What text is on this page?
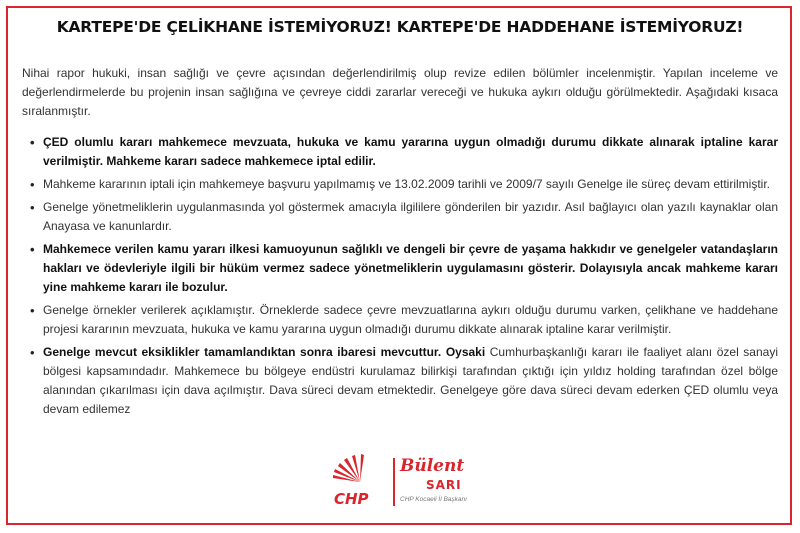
KARTEPE'DE ÇELİKHANE İSTEMİYORUZ! KARTEPE'DE HADDEHANE İSTEMİYORUZ!

Nihai rapor hukuki, insan sağlığı ve çevre açısından değerlendirilmiş olup revize edilen bölümler incelenmiştir. Yapılan inceleme ve değerlendirmelerde bu projenin insan sağlığına ve çevreye ciddi zararlar vereceği ve hukuka aykırı olduğu görülmektedir. Aşağıdaki kısaca sıralanmıştır.

• ÇED olumlu kararı mahkemece mevzuata, hukuka ve kamu yararına uygun olmadığı durumu dikkate alınarak iptaline karar verilmiştir. Mahkeme kararı sadece mahkemece iptal edilir.
• Mahkeme kararının iptali için mahkemeye başvuru yapılmamış ve 13.02.2009 tarihli ve 2009/7 sayılı Genelge ile süreç devam ettirilmiştir.
• Genelge yönetmeliklerin uygulanmasında yol göstermek amacıyla ilgililere gönderilen bir yazıdır. Asıl bağlayıcı olan yazılı kaynaklar olan Anayasa ve kanunlardır.
• Mahkemece verilen kamu yararı ilkesi kamuoyunun sağlıklı ve dengeli bir çevre de yaşama hakkıdır ve genelgeler vatandaşların hakları ve ödevleriyle ilgili bir hüküm vermez sadece yönetmeliklerin uygulamasını gösterir. Dolayısıyla ancak mahkeme kararı yine mahkeme kararı ile bozulur.
• Genelge örnekler verilerek açıklamıştır. Örneklerde sadece çevre mevzuatlarına aykırı olduğu durumu varken, çelikhane ve haddehane projesi kararının mevzuata, hukuka ve kamu yararına uygun olmadığı durumu dikkate alınarak iptaline karar verilmiştir.
• Genelge mevcut eksiklikler tamamlandıktan sonra ibaresi mevcuttur. Oysaki Cumhurbaşkanlığı kararı ile faaliyet alanı özel sanayi bölgesi kapsamındadır. Mahkemece bu bölgeye endüstri kurulamaz bilirkişi tarafından çıktığı için yıldız holding tarafından özel bölge alanından çıkarılması için dava açılmıştır. Dava süreci devam etmektedir. Genelgeye göre dava süreci devam ederken ÇED olumlu veya devam edilemez
CHP
Bülent
SARI
CHP Kocaeli İl Başkanı
